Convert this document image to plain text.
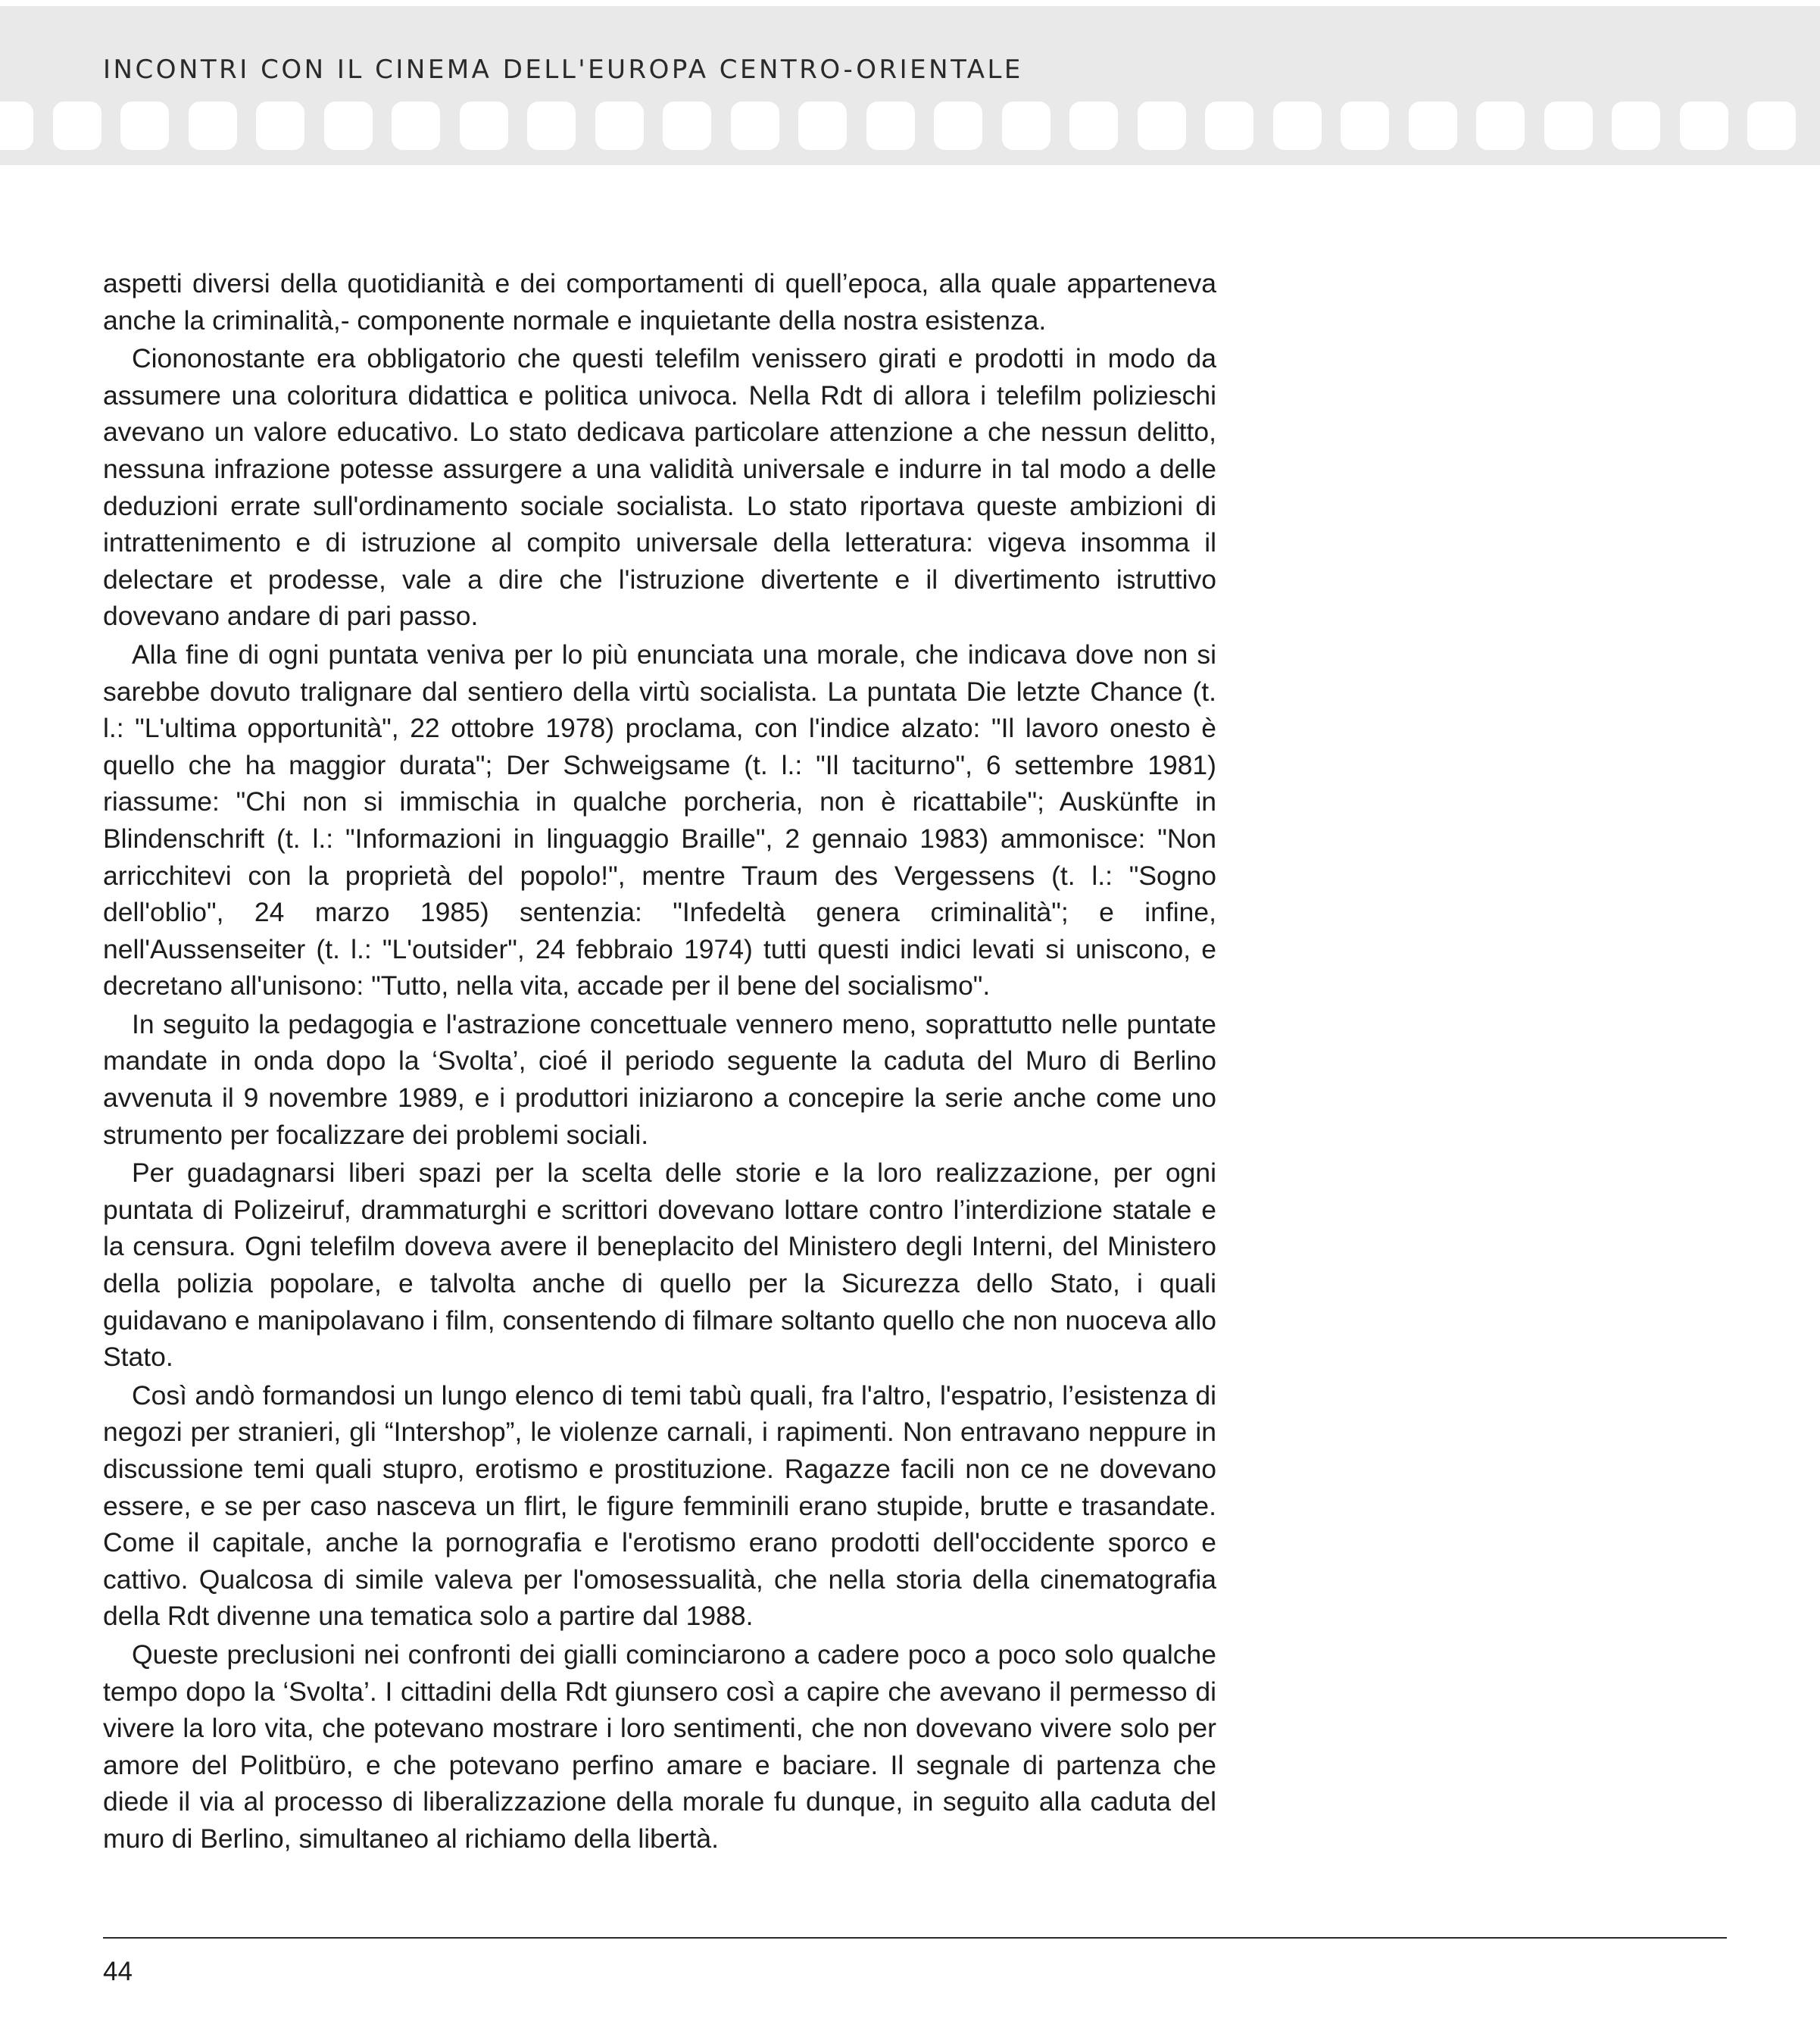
INCONTRI CON IL CINEMA DELL'EUROPA CENTRO-ORIENTALE

aspetti diversi della quotidianità e dei comportamenti di quell’epoca, alla quale apparteneva anche la criminalità,- componente normale e inquietante della nostra esistenza.

Ciononostante era obbligatorio che questi telefilm venissero girati e prodotti in modo da assumere una coloritura didattica e politica univoca. Nella Rdt di allora i telefilm polizieschi avevano un valore educativo. Lo stato dedicava particolare attenzione a che nessun delitto, nessuna infrazione potesse assurgere a una validità universale e indurre in tal modo a delle deduzioni errate sull'ordinamento sociale socialista. Lo stato riportava queste ambizioni di intrattenimento e di istruzione al compito universale della letteratura: vigeva insomma il delectare et prodesse, vale a dire che l'istruzione divertente e il divertimento istruttivo dovevano andare di pari passo.

Alla fine di ogni puntata veniva per lo più enunciata una morale, che indicava dove non si sarebbe dovuto tralignare dal sentiero della virtù socialista. La puntata Die letzte Chance (t. l.: "L'ultima opportunità", 22 ottobre 1978) proclama, con l'indice alzato: "Il lavoro onesto è quello che ha maggior durata"; Der Schweigsame (t. l.: "Il taciturno", 6 settembre 1981) riassume: "Chi non si immischia in qualche porcheria, non è ricattabile"; Auskünfte in Blindenschrift (t. l.: "Informazioni in linguaggio Braille", 2 gennaio 1983) ammonisce: "Non arricchitevi con la proprietà del popolo!", mentre Traum des Vergessens (t. l.: "Sogno dell'oblio", 24 marzo 1985) sentenzia: "Infedeltà genera criminalità"; e infine, nell'Aussenseiter (t. l.: "L'outsider", 24 febbraio 1974) tutti questi indici levati si uniscono, e decretano all'unisono: "Tutto, nella vita, accade per il bene del socialismo".

In seguito la pedagogia e l'astrazione concettuale vennero meno, soprattutto nelle puntate mandate in onda dopo la ‘Svolta’, cioé il periodo seguente la caduta del Muro di Berlino avvenuta il 9 novembre 1989, e i produttori iniziarono a concepire la serie anche come uno strumento per focalizzare dei problemi sociali.

Per guadagnarsi liberi spazi per la scelta delle storie e la loro realizzazione, per ogni puntata di Polizeiruf, drammaturghi e scrittori dovevano lottare contro l’interdizione statale e la censura. Ogni telefilm doveva avere il beneplacito del Ministero degli Interni, del Ministero della polizia popolare, e talvolta anche di quello per la Sicurezza dello Stato, i quali guidavano e manipolavano i film, consentendo di filmare soltanto quello che non nuoceva allo Stato.

Così andò formandosi un lungo elenco di temi tabù quali, fra l'altro, l'espatrio, l’esistenza di negozi per stranieri, gli “Intershop”, le violenze carnali, i rapimenti. Non entravano neppure in discussione temi quali stupro, erotismo e prostituzione. Ragazze facili non ce ne dovevano essere, e se per caso nasceva un flirt, le figure femminili erano stupide, brutte e trasandate. Come il capitale, anche la pornografia e l'erotismo erano prodotti dell'occidente sporco e cattivo. Qualcosa di simile valeva per l'omosessualità, che nella storia della cinematografia della Rdt divenne una tematica solo a partire dal 1988.

Queste preclusioni nei confronti dei gialli cominciarono a cadere poco a poco solo qualche tempo dopo la ‘Svolta’. I cittadini della Rdt giunsero così a capire che avevano il permesso di vivere la loro vita, che potevano mostrare i loro sentimenti, che non dovevano vivere solo per amore del Politbüro, e che potevano perfino amare e baciare. Il segnale di partenza che diede il via al processo di liberalizzazione della morale fu dunque, in seguito alla caduta del muro di Berlino, simultaneo al richiamo della libertà.

44
